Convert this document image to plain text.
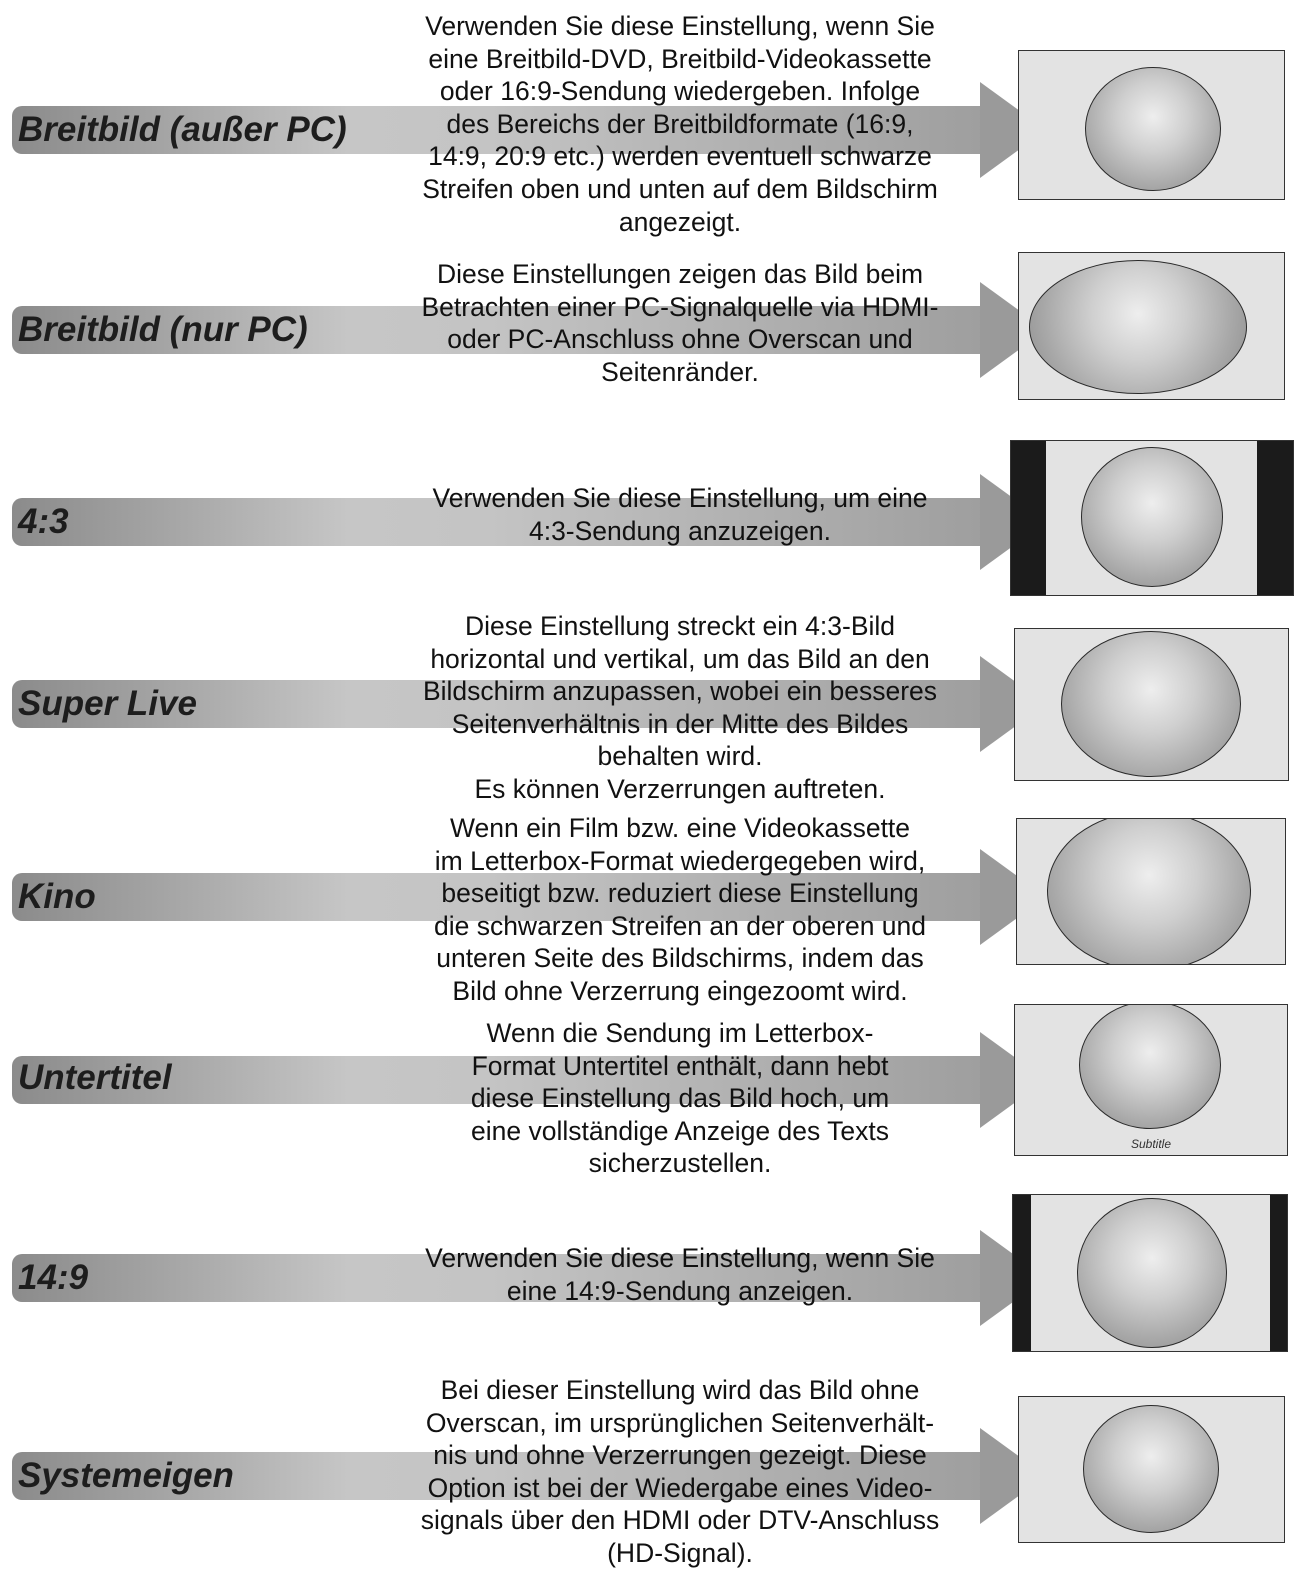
Breitbild (außer PC)
Verwenden Sie diese Einstellung, wenn Sie
eine Breitbild-DVD, Breitbild-Videokassette
oder 16:9-Sendung wiedergeben. Infolge
des Bereichs der Breitbildformate (16:9,
14:9, 20:9 etc.) werden eventuell schwarze
Streifen oben und unten auf dem Bildschirm
angezeigt.
Breitbild (nur PC)
Diese Einstellungen zeigen das Bild beim
Betrachten einer PC-Signalquelle via HDMI-
oder PC-Anschluss ohne Overscan und
Seitenränder.
4:3
Verwenden Sie diese Einstellung, um eine
4:3-Sendung anzuzeigen.
Super Live
Diese Einstellung streckt ein 4:3-Bild
horizontal und vertikal, um das Bild an den
Bildschirm anzupassen, wobei ein besseres
Seitenverhältnis in der Mitte des Bildes
behalten wird.
Es können Verzerrungen auftreten.
Kino
Wenn ein Film bzw. eine Videokassette
im Letterbox-Format wiedergegeben wird,
beseitigt bzw. reduziert diese Einstellung
die schwarzen Streifen an der oberen und
unteren Seite des Bildschirms, indem das
Bild ohne Verzerrung eingezoomt wird.
Untertitel
Wenn die Sendung im Letterbox-
Format Untertitel enthält, dann hebt
diese Einstellung das Bild hoch, um
eine vollständige Anzeige des Texts
sicherzustellen.
Subtitle
14:9	Verwenden Sie diese Einstellung, wenn Sie
eine 14:9-Sendung anzeigen.
Systemeigen
Bei dieser Einstellung wird das Bild ohne
Overscan, im ursprünglichen Seitenverhält-
nis und ohne Verzerrungen gezeigt. Diese
Option ist bei der Wiedergabe eines Video-
signals über den HDMI oder DTV-Anschluss
(HD-Signal).
